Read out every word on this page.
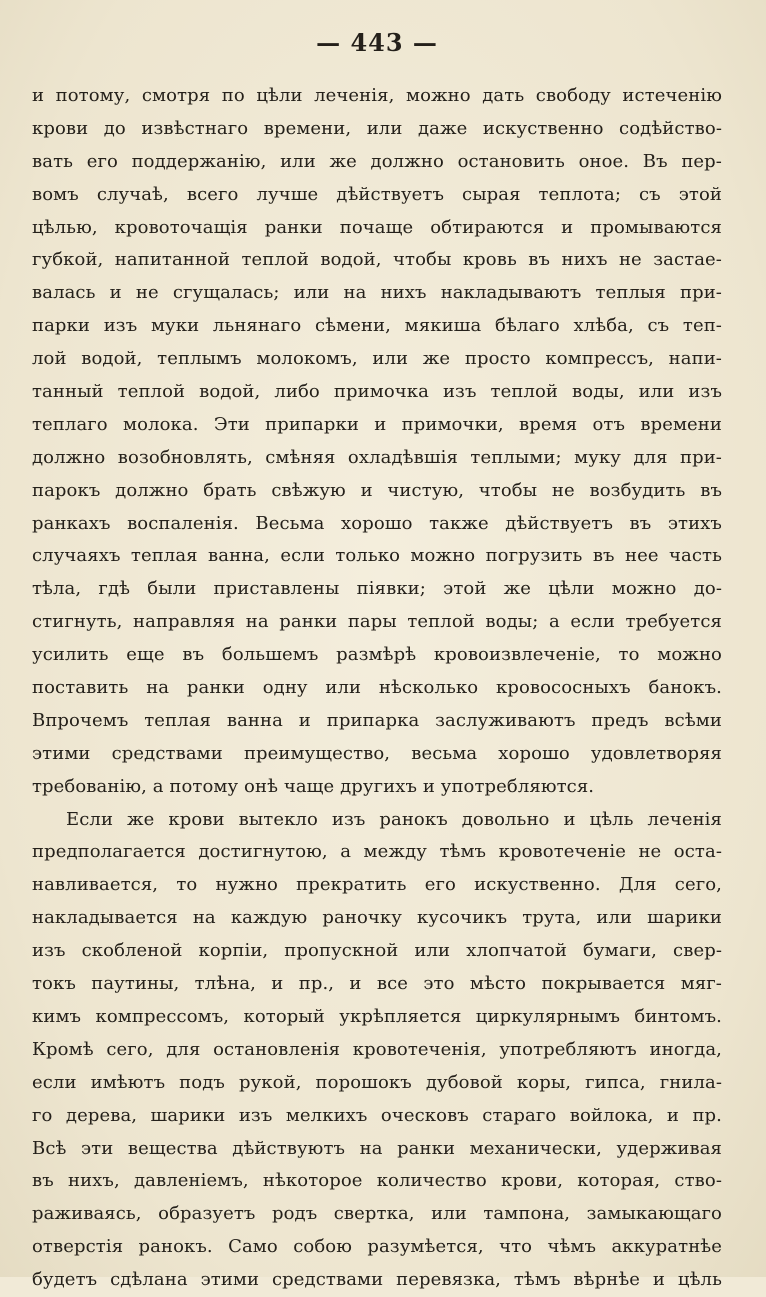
— 443 —
и потому, смотря по цѣли леченія, можно дать свободу истеченію
крови до извѣстнаго времени, или даже искуственно содѣйство-
вать его поддержанію, или же должно остановить оное. Въ пер-
вомъ случаѣ, всего лучше дѣйствуетъ сырая теплота; съ этой
цѣлью, кровоточащія ранки почаще обтираются и промываются
губкой, напитанной теплой водой, чтобы кровь въ нихъ не застае-
валась и не сгущалась; или на нихъ накладываютъ теплыя при-
парки изъ муки льнянаго сѣмени, мякиша бѣлаго хлѣба, съ теп-
лой водой, теплымъ молокомъ, или же просто компрессъ, напи-
танный теплой водой, либо примочка изъ теплой воды, или изъ
теплаго молока. Эти припарки и примочки, время отъ времени
должно возобновлять, смѣняя охладѣвшія теплыми; муку для при-
парокъ должно брать свѣжую и чистую, чтобы не возбудить въ
ранкахъ воспаленія. Весьма хорошо также дѣйствуетъ въ этихъ
случаяхъ теплая ванна, если только можно погрузить въ нее часть
тѣла, гдѣ были приставлены піявки; этой же цѣли можно до-
стигнуть, направляя на ранки пары теплой воды; а если требуется
усилить еще въ большемъ размѣрѣ кровоизвлеченіе, то можно
поставить на ранки одну или нѣсколько кровососныхъ банокъ.
Впрочемъ теплая ванна и припарка заслуживаютъ предъ всѣми
этими средствами преимущество, весьма хорошо удовлетворяя
требованію, а потому онѣ чаще другихъ и употребляются.
Если же крови вытекло изъ ранокъ довольно и цѣль леченія
предполагается достигнутою, а между тѣмъ кровотеченіе не оста-
навливается, то нужно прекратить его искуственно. Для сего,
накладывается на каждую ранoчку кусочикъ трута, или шарики
изъ скобленой корпіи, пропускной или хлопчатой бумаги, свер-
токъ паутины, тлѣна, и пр., и все это мѣсто покрывается мяг-
кимъ компрессомъ, который укрѣпляется циркулярнымъ бинтомъ.
Кромѣ сего, для остановленія кровотеченія, употребляютъ иногда,
если имѣютъ подъ рукой, порошокъ дубовой коры, гипса, гнила-
го дерева, шарики изъ мелкихъ оческовъ стараго войлока, и пр.
Всѣ эти вещества дѣйствуютъ на ранки механически, удерживая
въ нихъ, давленіемъ, нѣкоторое количество крови, которая, ство-
раживаясь, образуетъ родъ свертка, или тампона, замыкающаго
отверстія ранокъ. Само собою разумѣется, что чѣмъ аккуратнѣе
будетъ сдѣлана этими средствами перевязка, тѣмъ вѣрнѣе и цѣль
